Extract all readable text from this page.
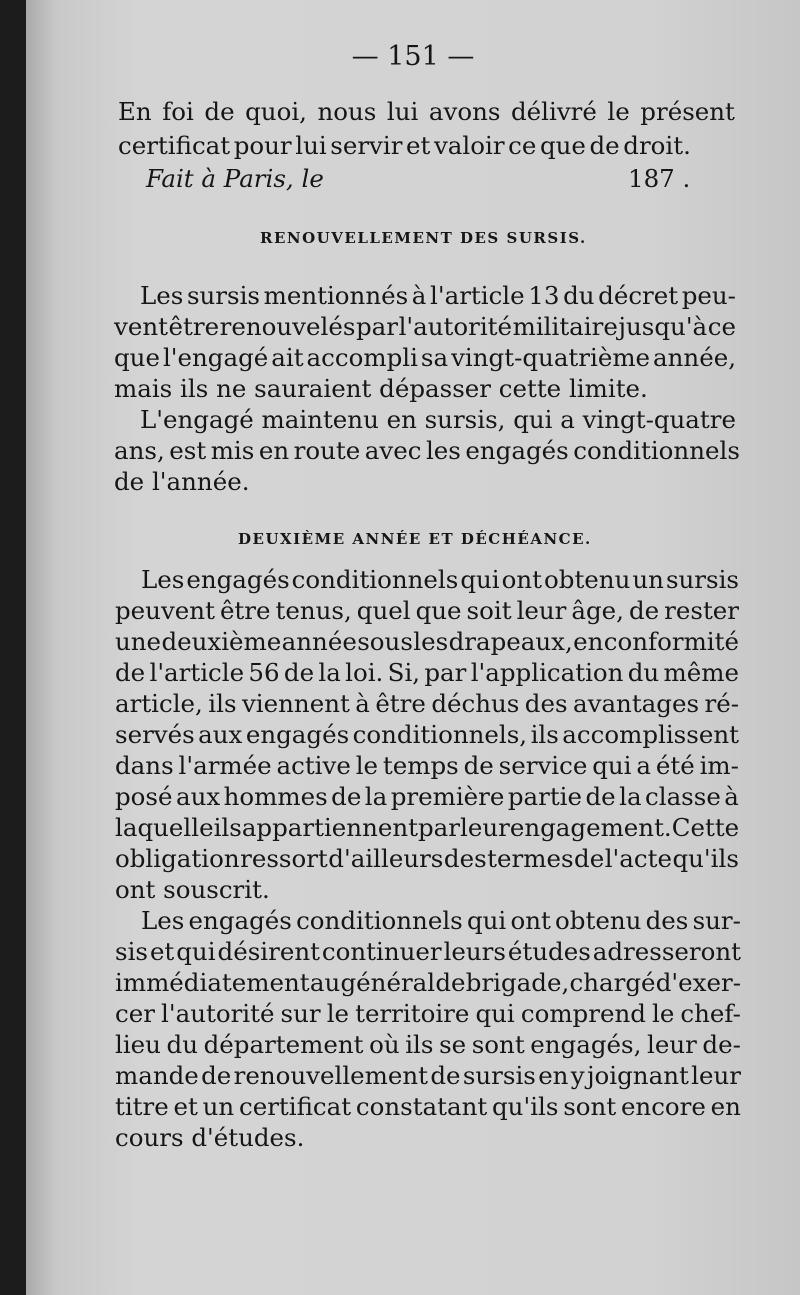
— 151 —

En foi de quoi, nous lui avons délivré le présent

certificat pour lui servir et valoir ce que de droit.

Fait à Paris, le	187 .

RENOUVELLEMENT DES SURSIS.

Les sursis mentionnés à l'article 13 du décret peu-

vent être renouvelés par l'autorité militaire jusqu'à ce

que l'engagé ait accompli sa vingt-quatrième année,

mais ils ne sauraient dépasser cette limite.

L'engagé maintenu en sursis, qui a vingt-quatre

ans, est mis en route avec les engagés conditionnels

de l'année.

DEUXIÈME ANNÉE ET DÉCHÉANCE.

Les engagés conditionnels qui ont obtenu un sursis

peuvent être tenus, quel que soit leur âge, de rester

une deuxième année sous les drapeaux, en conformité

de l'article 56 de la loi. Si, par l'application du même

article, ils viennent à être déchus des avantages ré-

servés aux engagés conditionnels, ils accomplissent

dans l'armée active le temps de service qui a été im-

posé aux hommes de la première partie de la classe à

laquelle ils appartiennent par leur engagement. Cette

obligation ressort d'ailleurs des termes de l'acte qu'ils

ont souscrit.

Les engagés conditionnels qui ont obtenu des sur-

sis et qui désirent continuer leurs études adresseront

immédiatement au général de brigade, chargé d'exer-

cer l'autorité sur le territoire qui comprend le chef-

lieu du département où ils se sont engagés, leur de-

mande de renouvellement de sursis en y joignant leur

titre et un certificat constatant qu'ils sont encore en

cours d'études.
